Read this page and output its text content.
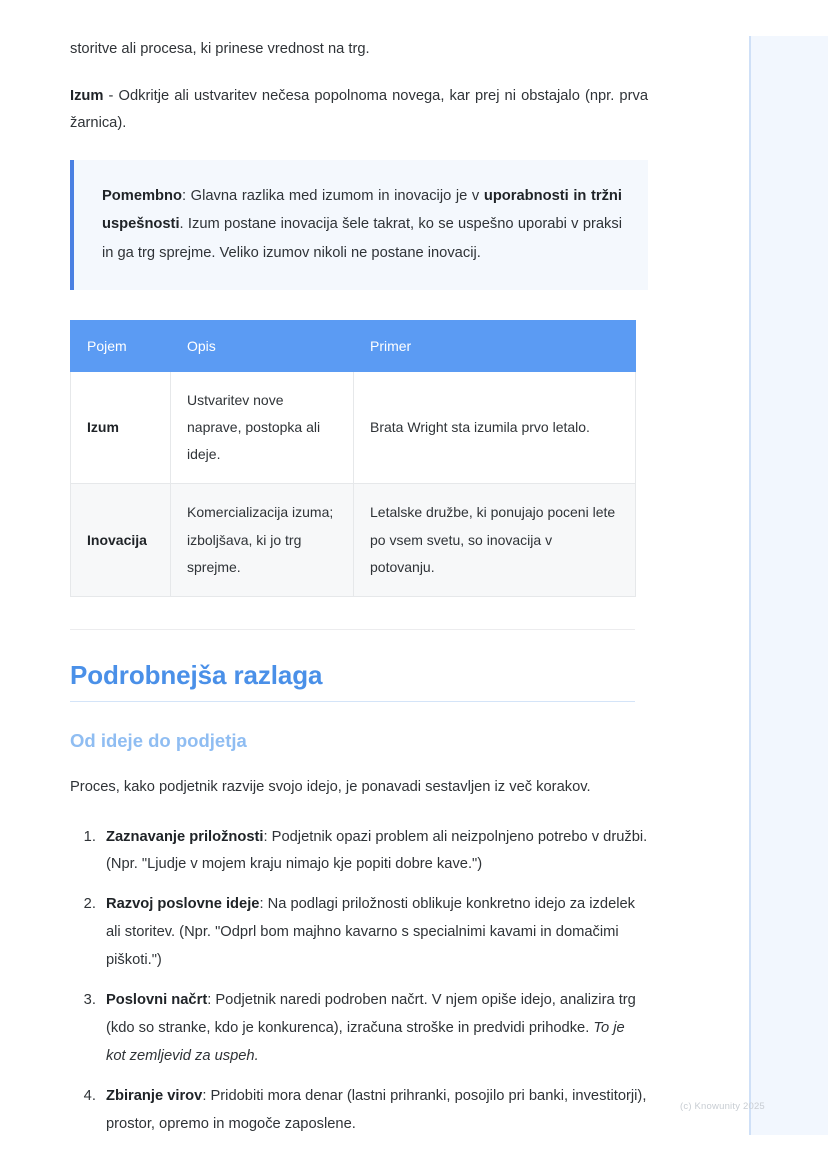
storitve ali procesa, ki prinese vrednost na trg.

Izum - Odkritje ali ustvaritev nečesa popolnoma novega, kar prej ni obstajalo (npr. prva žarnica).

Pomembno: Glavna razlika med izumom in inovacijo je v uporabnosti in tržni uspešnosti. Izum postane inovacija šele takrat, ko se uspešno uporabi v praksi in ga trg sprejme. Veliko izumov nikoli ne postane inovacij.

Pojem	Opis	Primer
Izum	Ustvaritev nove naprave, postopka ali ideje.	Brata Wright sta izumila prvo letalo.
Inovacija	Komercializacija izuma; izboljšava, ki jo trg sprejme.	Letalske družbe, ki ponujajo poceni lete po vsem svetu, so inovacija v potovanju.
Podrobnejša razlaga
Od ideje do podjetja

Proces, kako podjetnik razvije svojo idejo, je ponavadi sestavljen iz več korakov.

1. Zaznavanje priložnosti: Podjetnik opazi problem ali neizpolnjeno potrebo v družbi. (Npr. "Ljudje v mojem kraju nimajo kje popiti dobre kave.")
2. Razvoj poslovne ideje: Na podlagi priložnosti oblikuje konkretno idejo za izdelek ali storitev. (Npr. "Odprl bom majhno kavarno s specialnimi kavami in domačimi piškoti.")
3. Poslovni načrt: Podjetnik naredi podroben načrt. V njem opiše idejo, analizira trg (kdo so stranke, kdo je konkurenca), izračuna stroške in predvidi prihodke. To je kot zemljevid za uspeh.
4. Zbiranje virov: Pridobiti mora denar (lastni prihranki, posojilo pri banki, investitorji), prostor, opremo in mogoče zaposlene.
(c) Knowunity 2025
